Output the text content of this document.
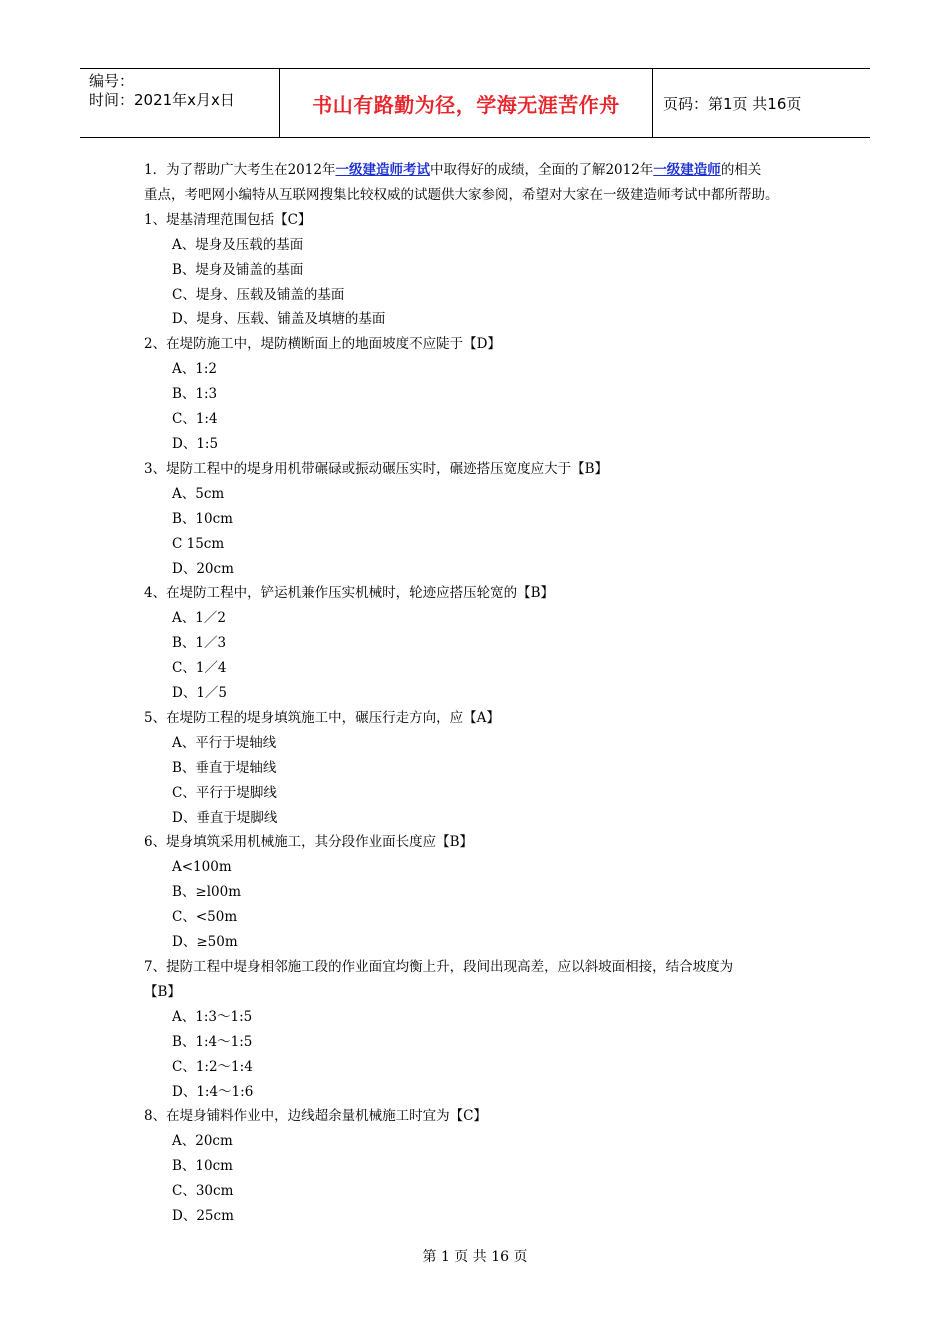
编号：
时间：2021年x月x日	书山有路勤为径，学海无涯苦作舟	页码：第1页 共16页
1．为了帮助广大考生在2012年一级建造师考试中取得好的成绩，全面的了解2012年一级建造师的相关
重点，考吧网小编特从互联网搜集比较权威的试题供大家参阅，希望对大家在一级建造师考试中都所帮助。
1、堤基清理范围包括【C】
A、堤身及压载的基面
B、堤身及铺盖的基面
C、堤身、压载及铺盖的基面
D、堤身、压载、铺盖及填塘的基面
2、在堤防施工中，堤防横断面上的地面坡度不应陡于【D】
A、1:2
B、1:3
C、1:4
D、1:5
3、堤防工程中的堤身用机带碾碌或振动碾压实时，碾迹搭压宽度应大于【B】
A、5cm
B、10cm
C 15cm
D、20cm
4、在堤防工程中，铲运机兼作压实机械时，轮迹应搭压轮宽的【B】
A、1／2
B、1／3
C、1／4
D、1／5
5、在堤防工程的堤身填筑施工中，碾压行走方向，应【A】
A、平行于堤轴线
B、垂直于堤轴线
C、平行于堤脚线
D、垂直于堤脚线
6、堤身填筑采用机械施工，其分段作业面长度应【B】
A<100m
B、≥l00m
C、<50m
D、≥50m
7、提防工程中堤身相邻施工段的作业面宜均衡上升，段间出现高差，应以斜坡面相接，结合坡度为
【B】
A、1:3～1:5
B、1:4～1:5
C、1:2～1:4
D、1:4～1:6
8、在堤身铺料作业中，边线超余量机械施工时宜为【C】
A、20cm
B、10cm
C、30cm
D、25cm
第 1 页 共 16 页
